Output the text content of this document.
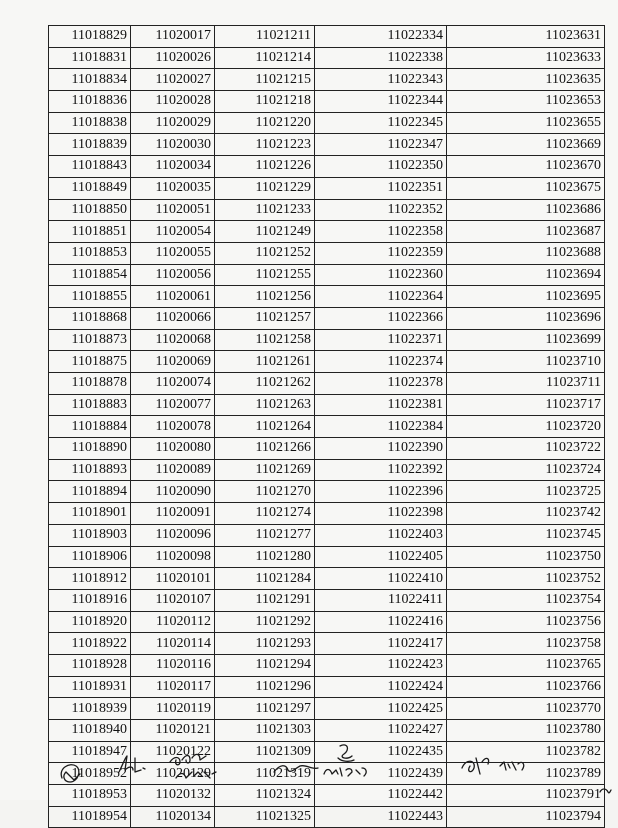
11018829	11020017	11021211	11022334	11023631
11018831	11020026	11021214	11022338	11023633
11018834	11020027	11021215	11022343	11023635
11018836	11020028	11021218	11022344	11023653
11018838	11020029	11021220	11022345	11023655
11018839	11020030	11021223	11022347	11023669
11018843	11020034	11021226	11022350	11023670
11018849	11020035	11021229	11022351	11023675
11018850	11020051	11021233	11022352	11023686
11018851	11020054	11021249	11022358	11023687
11018853	11020055	11021252	11022359	11023688
11018854	11020056	11021255	11022360	11023694
11018855	11020061	11021256	11022364	11023695
11018868	11020066	11021257	11022366	11023696
11018873	11020068	11021258	11022371	11023699
11018875	11020069	11021261	11022374	11023710
11018878	11020074	11021262	11022378	11023711
11018883	11020077	11021263	11022381	11023717
11018884	11020078	11021264	11022384	11023720
11018890	11020080	11021266	11022390	11023722
11018893	11020089	11021269	11022392	11023724
11018894	11020090	11021270	11022396	11023725
11018901	11020091	11021274	11022398	11023742
11018903	11020096	11021277	11022403	11023745
11018906	11020098	11021280	11022405	11023750
11018912	11020101	11021284	11022410	11023752
11018916	11020107	11021291	11022411	11023754
11018920	11020112	11021292	11022416	11023756
11018922	11020114	11021293	11022417	11023758
11018928	11020116	11021294	11022423	11023765
11018931	11020117	11021296	11022424	11023766
11018939	11020119	11021297	11022425	11023770
11018940	11020121	11021303	11022427	11023780
11018947	11020122	11021309	11022435	11023782
11018952	11020129	11021319	11022439	11023789
11018953	11020132	11021324	11022442	11023791
11018954	11020134	11021325	11022443	11023794
